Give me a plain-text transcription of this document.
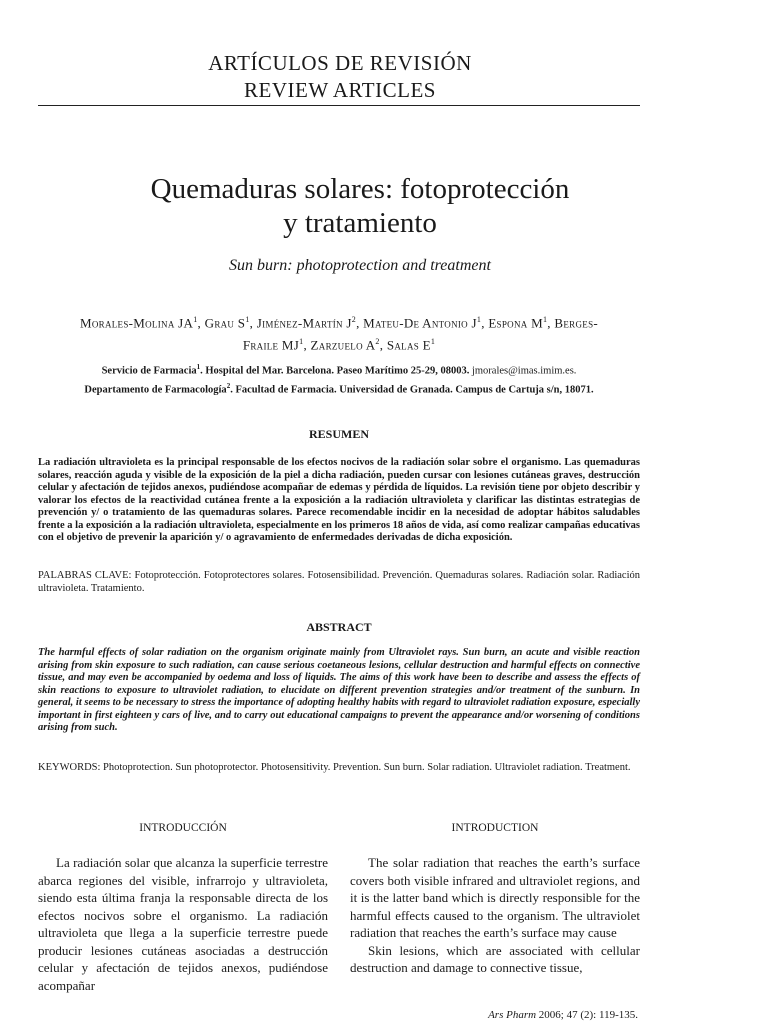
ARTÍCULOS DE REVISIÓN
REVIEW ARTICLES
Quemaduras solares: fotoprotección
y tratamiento
Sun burn: photoprotection and treatment
Morales-Molina $JA^1$, Grau $S^1$, Jiménez-Martín $J^2$, Mateu-De Antonio $J^1$, Espona $M^1$, Berges-
Fraile $MJ^1$, Zarzuelo $A^2$, Salas $E^1$
Servicio de Farmacia$^1$. Hospital del Mar. Barcelona. Paseo Marítimo 25-29, 08003. jmorales@imas.imim.es.
Departamento de Farmacología$^2$. Facultad de Farmacia. Universidad de Granada. Campus de Cartuja s/n, 18071.
RESUMEN
La radiación ultravioleta es la principal responsable de los efectos nocivos de la radiación solar sobre el organismo. Las quemaduras solares, reacción aguda y visible de la exposición de la piel a dicha radiación, pueden cursar con lesiones cutáneas graves, destrucción celular y afectación de tejidos anexos, pudiéndose acompañar de edemas y pérdida de líquidos. La revisión tiene por objeto describir y valorar los efectos de la reactividad cutánea frente a la exposición a la radiación ultravioleta y clarificar las distintas estrategias de prevención y/ o tratamiento de las quemaduras solares. Parece recomendable incidir en la necesidad de adoptar hábitos saludables frente a la exposición a la radiación ultravioleta, especialmente en los primeros 18 años de vida, así como realizar campañas educativas con el objetivo de prevenir la aparición y/ o agravamiento de enfermedades derivadas de dicha exposición.
PALABRAS CLAVE: Fotoprotección. Fotoprotectores solares. Fotosensibilidad. Prevención. Quemaduras solares. Radiación solar. Radiación ultravioleta. Tratamiento.
ABSTRACT
The harmful effects of solar radiation on the organism originate mainly from Ultraviolet rays. Sun burn, an acute and visible reaction arising from skin exposure to such radiation, can cause serious coetaneous lesions, cellular destruction and harmful effects on connective tissue, and may even be accompanied by oedema and loss of liquids. The aims of this work have been to describe and assess the effects of skin reactions to exposure to ultraviolet radiation, to elucidate on different prevention strategies and/or treatment of the sunburn. In general, it seems to be necessary to stress the importance of adopting healthy habits with regard to ultraviolet radiation exposure, especially important in first eighteen y cars of live, and to carry out educational campaigns to prevent the appearance and/or worsening of conditions arising from such.
KEYWORDS: Photoprotection. Sun photoprotector. Photosensitivity. Prevention. Sun burn. Solar radiation. Ultraviolet radiation. Treatment.
INTRODUCCIÓN	INTRODUCTION

La radiación solar que alcanza la superficie terrestre abarca regiones del visible, infrarrojo y ultravioleta, siendo esta última franja la responsable directa de los efectos nocivos sobre el organismo. La radiación ultravioleta que llega a la superficie terrestre puede producir lesiones cutáneas asociadas a destrucción celular y afectación de tejidos anexos, pudiéndose acompañar

The solar radiation that reaches the earth’s surface covers both visible infrared and ultraviolet regions, and it is the latter band which is directly responsible for the harmful effects caused to the organism. The ultraviolet radiation that reaches the earth’s surface may cause

Skin lesions, which are associated with cellular destruction and damage to connective tissue,

Ars Pharm 2006; 47 (2): 119-135.
